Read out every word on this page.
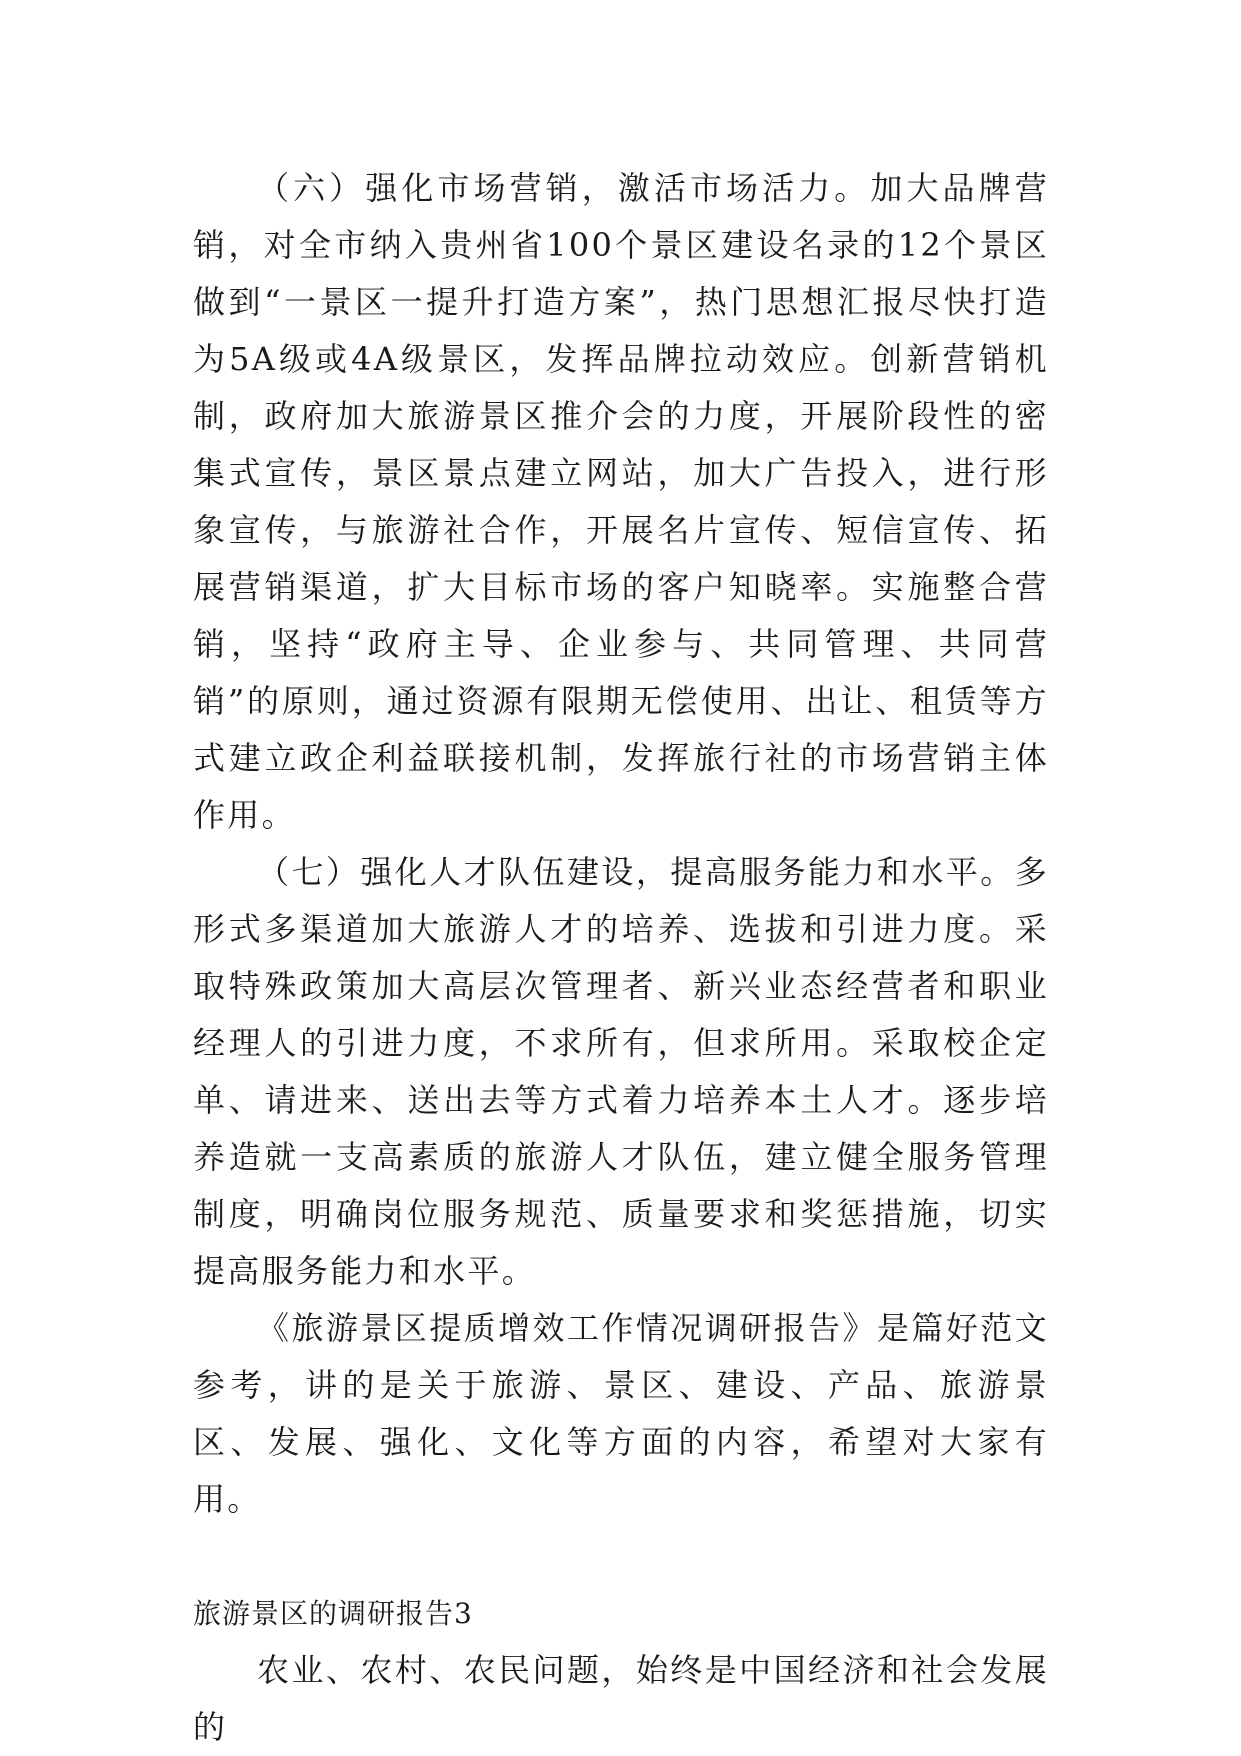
（六）强化市场营销，激活市场活力。加大品牌营销，对全市纳入贵州省100个景区建设名录的12个景区做到“一景区一提升打造方案”，热门思想汇报尽快打造为5A级或4A级景区，发挥品牌拉动效应。创新营销机制，政府加大旅游景区推介会的力度，开展阶段性的密集式宣传，景区景点建立网站，加大广告投入，进行形象宣传，与旅游社合作，开展名片宣传、短信宣传、拓展营销渠道，扩大目标市场的客户知晓率。实施整合营销，坚持“政府主导、企业参与、共同管理、共同营销”的原则，通过资源有限期无偿使用、出让、租赁等方式建立政企利益联接机制，发挥旅行社的市场营销主体作用。

（七）强化人才队伍建设，提高服务能力和水平。多形式多渠道加大旅游人才的培养、选拔和引进力度。采取特殊政策加大高层次管理者、新兴业态经营者和职业经理人的引进力度，不求所有，但求所用。采取校企定单、请进来、送出去等方式着力培养本土人才。逐步培养造就一支高素质的旅游人才队伍，建立健全服务管理制度，明确岗位服务规范、质量要求和奖惩措施，切实提高服务能力和水平。

《旅游景区提质增效工作情况调研报告》是篇好范文参考，讲的是关于旅游、景区、建设、产品、旅游景区、发展、强化、文化等方面的内容，希望对大家有用。

旅游景区的调研报告3

农业、农村、农民问题，始终是中国经济和社会发展的
